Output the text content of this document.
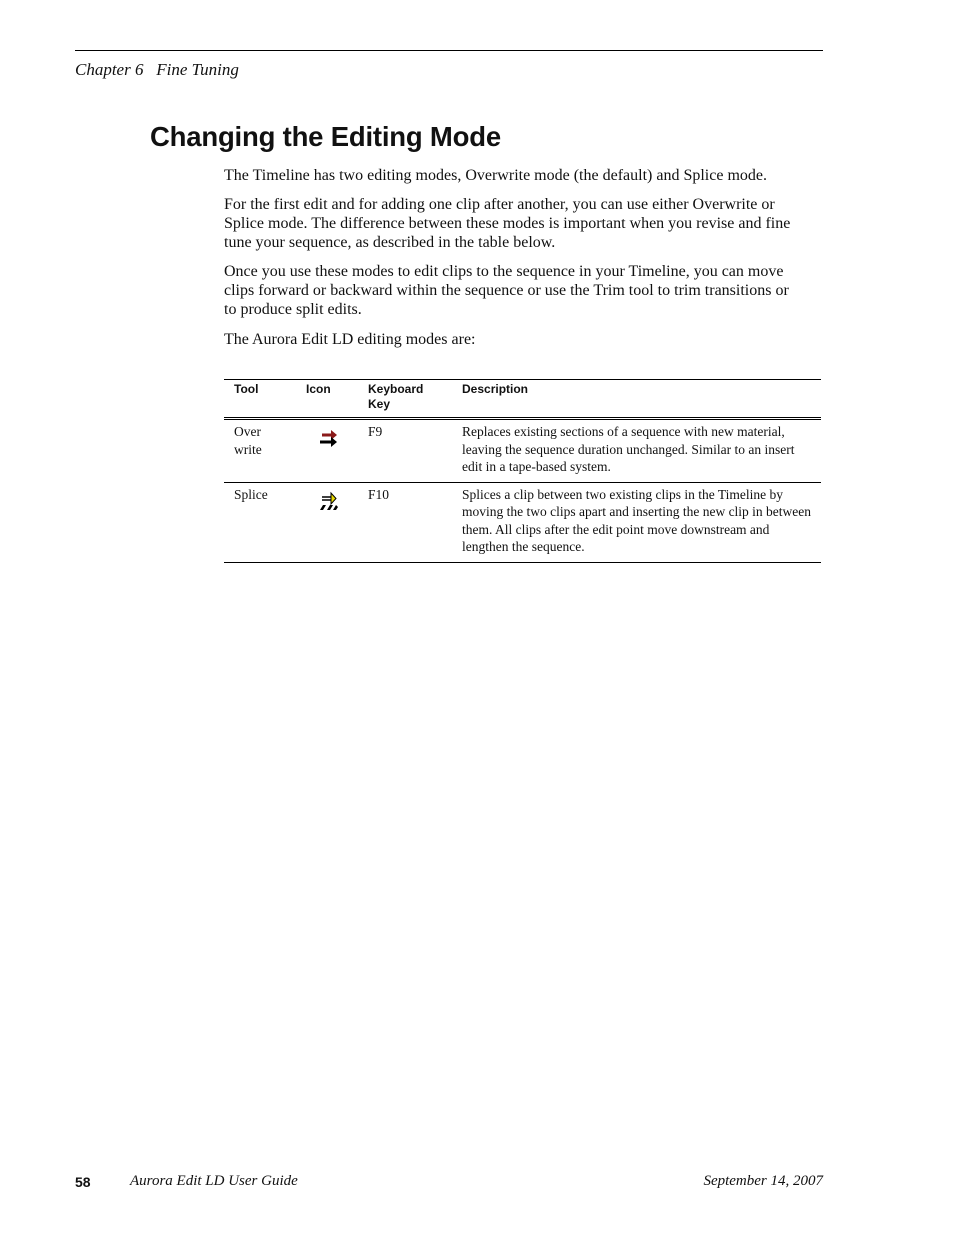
Chapter 6   Fine Tuning
Changing the Editing Mode

The Timeline has two editing modes, Overwrite mode (the default) and Splice mode.

For the first edit and for adding one clip after another, you can use either Overwrite or Splice mode. The difference between these modes is important when you revise and fine tune your sequence, as described in the table below.

Once you use these modes to edit clips to the sequence in your Timeline, you can move clips forward or backward within the sequence or use the Trim tool to trim transitions or to produce split edits.

The Aurora Edit LD editing modes are:

Tool	Icon	Keyboard Key	Description

Over write		F9	Replaces existing sections of a sequence with new material, leaving the sequence duration unchanged. Similar to an insert edit in a tape-based system.

Splice		F10	Splices a clip between two existing clips in the Timeline by moving the two clips apart and inserting the new clip in between them. All clips after the edit point move downstream and lengthen the sequence.
58	Aurora Edit LD User Guide	September 14, 2007
